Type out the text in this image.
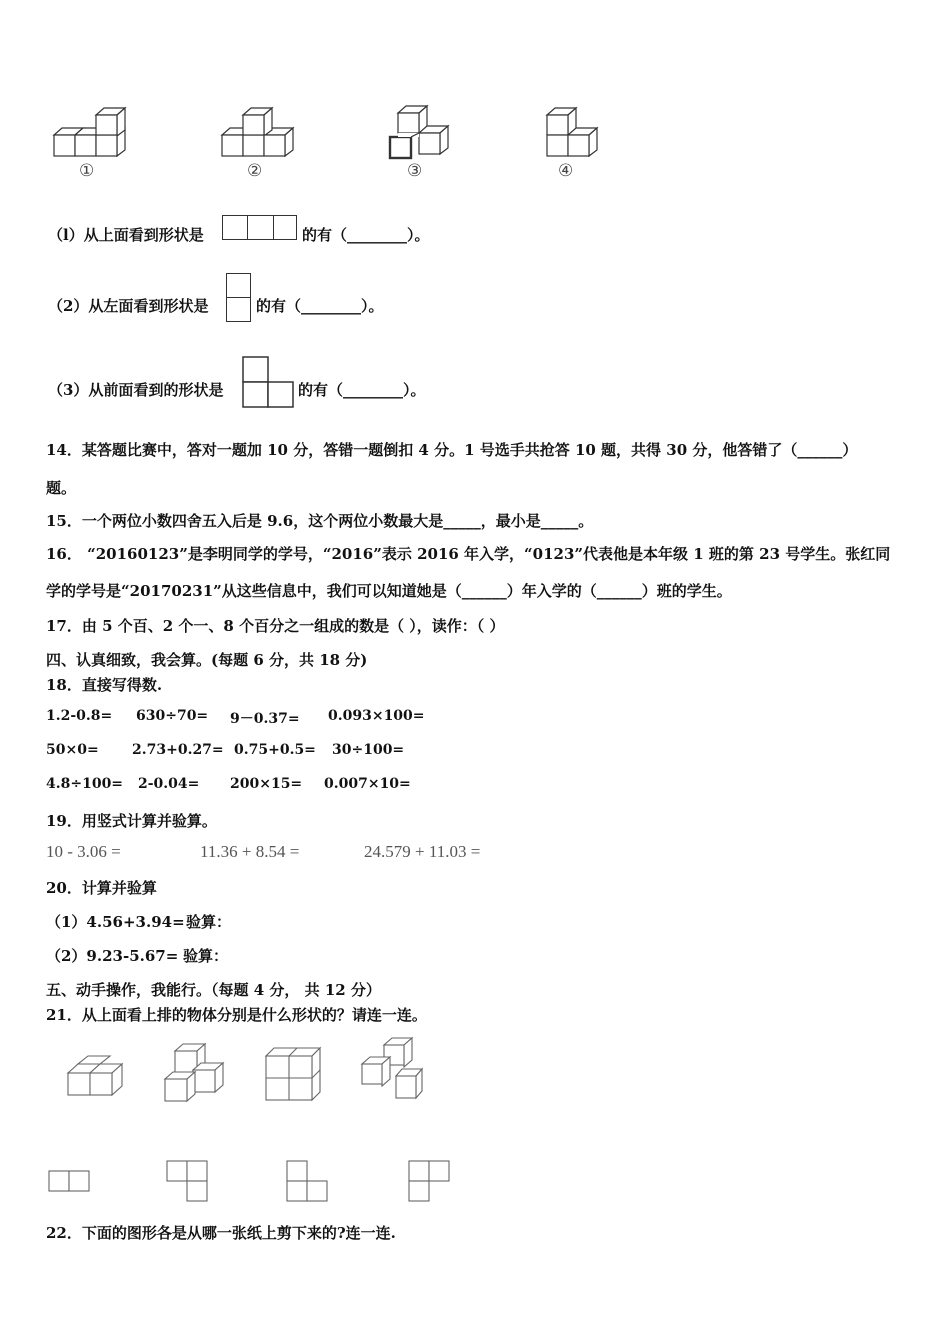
①	②	③	④
（l）从上面看到形状是	的有（________）。
（2）从左面看到形状是	的有（________）。
（3）从前面看到的形状是	的有（________）。
14．某答题比赛中，答对一题加 10 分，答错一题倒扣 4 分。1 号选手共抢答 10 题，共得 30 分，他答错了（______）
题。
15．一个两位小数四舍五入后是 9.6，这个两位小数最大是_____，最小是_____。
16． “20160123”是李明同学的学号，“2016”表示 2016 年入学，“0123”代表他是本年级 1 班的第 23 号学生。张红同
学的学号是“20170231”从这些信息中，我们可以知道她是（______）年入学的（______）班的学生。
17．由 5 个百、2 个一、8 个百分之一组成的数是（ ），读作：（ ）
四、认真细致，我会算。(每题 6 分，共 18 分)
18．直接写得数.
1.2-0.8= 630÷70= 9－0.37= 0.093×100=
50×0= 2.73+0.27= 0.75+0.5= 30÷100=
4.8÷100= 2-0.04= 200×15= 0.007×10=
19．用竖式计算并验算。
10 - 3.06 =	11.36 + 8.54 =	24.579 + 11.03 =
20．计算并验算
（1）4.56+3.94= 验算：
（2）9.23-5.67= 验算：
五、动手操作，我能行。（每题 4 分， 共 12 分）
21．从上面看上排的物体分别是什么形状的？请连一连。
22．下面的图形各是从哪一张纸上剪下来的?连一连.
